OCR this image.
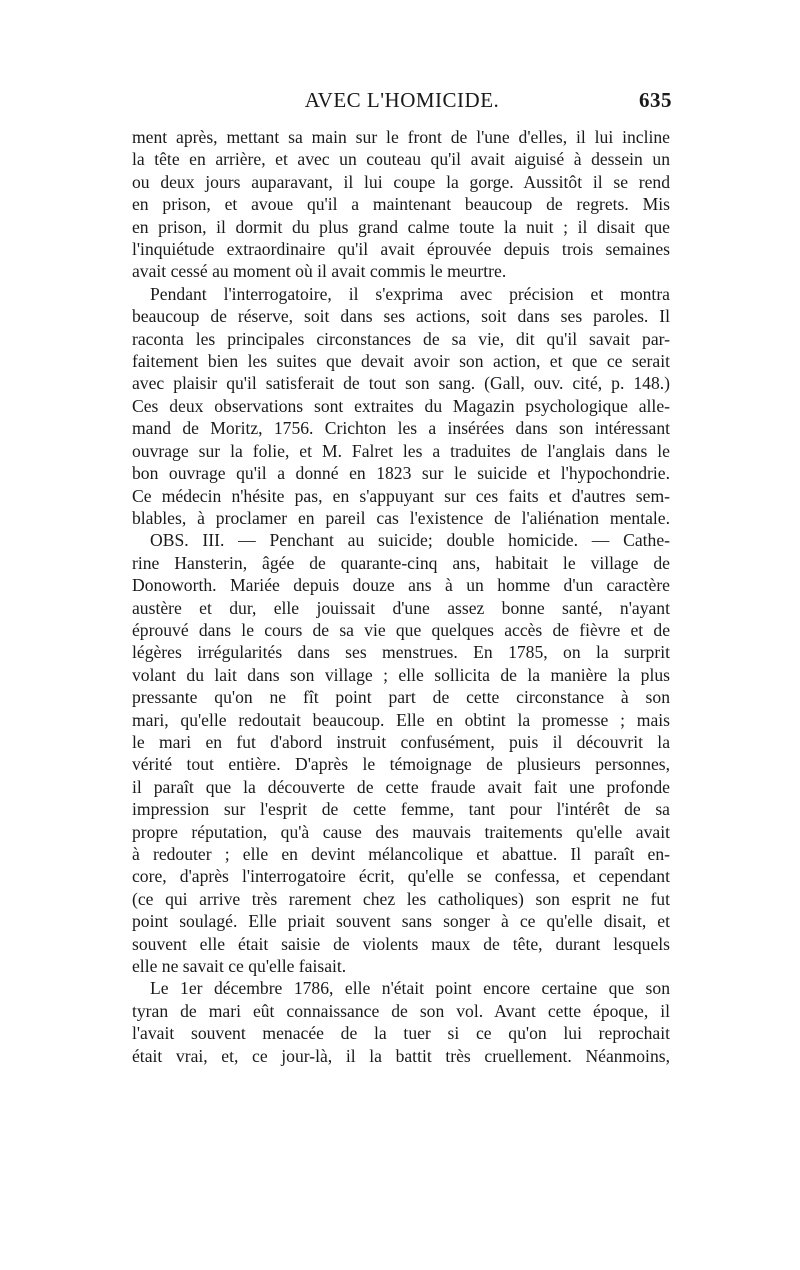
AVEC L'HOMICIDE.	635
ment après, mettant sa main sur le front de l'une d'elles, il lui incline
la tête en arrière, et avec un couteau qu'il avait aiguisé à dessein un
ou deux jours auparavant, il lui coupe la gorge. Aussitôt il se rend
en prison, et avoue qu'il a maintenant beaucoup de regrets. Mis
en prison, il dormit du plus grand calme toute la nuit ; il disait que
l'inquiétude extraordinaire qu'il avait éprouvée depuis trois semaines
avait cessé au moment où il avait commis le meurtre.
Pendant l'interrogatoire, il s'exprima avec précision et montra
beaucoup de réserve, soit dans ses actions, soit dans ses paroles. Il
raconta les principales circonstances de sa vie, dit qu'il savait par-
faitement bien les suites que devait avoir son action, et que ce serait
avec plaisir qu'il satisferait de tout son sang. (Gall, ouv. cité, p. 148.)
Ces deux observations sont extraites du Magazin psychologique alle-
mand de Moritz, 1756. Crichton les a insérées dans son intéressant
ouvrage sur la folie, et M. Falret les a traduites de l'anglais dans le
bon ouvrage qu'il a donné en 1823 sur le suicide et l'hypochondrie.
Ce médecin n'hésite pas, en s'appuyant sur ces faits et d'autres sem-
blables, à proclamer en pareil cas l'existence de l'aliénation mentale.
OBS. III. — Penchant au suicide; double homicide. — Cathe-
rine Hansterin, âgée de quarante-cinq ans, habitait le village de
Donoworth. Mariée depuis douze ans à un homme d'un caractère
austère et dur, elle jouissait d'une assez bonne santé, n'ayant
éprouvé dans le cours de sa vie que quelques accès de fièvre et de
légères irrégularités dans ses menstrues. En 1785, on la surprit
volant du lait dans son village ; elle sollicita de la manière la plus
pressante qu'on ne fît point part de cette circonstance à son
mari, qu'elle redoutait beaucoup. Elle en obtint la promesse ; mais
le mari en fut d'abord instruit confusément, puis il découvrit la
vérité tout entière. D'après le témoignage de plusieurs personnes,
il paraît que la découverte de cette fraude avait fait une profonde
impression sur l'esprit de cette femme, tant pour l'intérêt de sa
propre réputation, qu'à cause des mauvais traitements qu'elle avait
à redouter ; elle en devint mélancolique et abattue. Il paraît en-
core, d'après l'interrogatoire écrit, qu'elle se confessa, et cependant
(ce qui arrive très rarement chez les catholiques) son esprit ne fut
point soulagé. Elle priait souvent sans songer à ce qu'elle disait, et
souvent elle était saisie de violents maux de tête, durant lesquels
elle ne savait ce qu'elle faisait.
Le 1er décembre 1786, elle n'était point encore certaine que son
tyran de mari eût connaissance de son vol. Avant cette époque, il
l'avait souvent menacée de la tuer si ce qu'on lui reprochait
était vrai, et, ce jour-là, il la battit très cruellement. Néanmoins,
